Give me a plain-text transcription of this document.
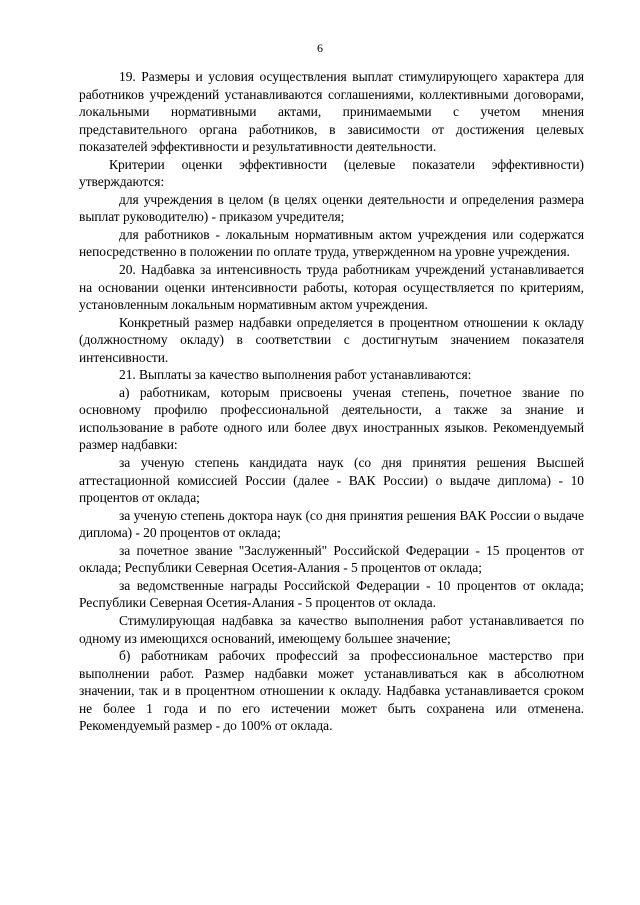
6

19. Размеры и условия осуществления выплат стимулирующего характера для работников учреждений устанавливаются соглашениями, коллективными договорами, локальными нормативными актами, принимаемыми с учетом мнения представительного органа работников, в зависимости от достижения целевых показателей эффективности и результативности деятельности.

Критерии оценки эффективности (целевые показатели эффективности) утверждаются:

для учреждения в целом (в целях оценки деятельности и определения размера выплат руководителю) - приказом учредителя;

для работников - локальным нормативным актом учреждения или содержатся непосредственно в положении по оплате труда, утвержденном на уровне учреждения.

20. Надбавка за интенсивность труда работникам учреждений устанавливается на основании оценки интенсивности работы, которая осуществляется по критериям, установленным локальным нормативным актом учреждения.

Конкретный размер надбавки определяется в процентном отношении к окладу (должностному окладу) в соответствии с достигнутым значением показателя интенсивности.

21. Выплаты за качество выполнения работ устанавливаются:

а) работникам, которым присвоены ученая степень, почетное звание по основному профилю профессиональной деятельности, а также за знание и использование в работе одного или более двух иностранных языков. Рекомендуемый размер надбавки:

за ученую степень кандидата наук (со дня принятия решения Высшей аттестационной комиссией России (далее - ВАК России) о выдаче диплома) - 10 процентов от оклада;

за ученую степень доктора наук (со дня принятия решения ВАК России о выдаче диплома) - 20 процентов от оклада;

за почетное звание "Заслуженный" Российской Федерации - 15 процентов от оклада; Республики Северная Осетия-Алания - 5 процентов от оклада;

за ведомственные награды Российской Федерации - 10 процентов от оклада; Республики Северная Осетия-Алания - 5 процентов от оклада.

Стимулирующая надбавка за качество выполнения работ устанавливается по одному из имеющихся оснований, имеющему большее значение;

б) работникам рабочих профессий за профессиональное мастерство при выполнении работ. Размер надбавки может устанавливаться как в абсолютном значении, так и в процентном отношении к окладу. Надбавка устанавливается сроком не более 1 года и по его истечении может быть сохранена или отменена. Рекомендуемый размер - до 100% от оклада.
